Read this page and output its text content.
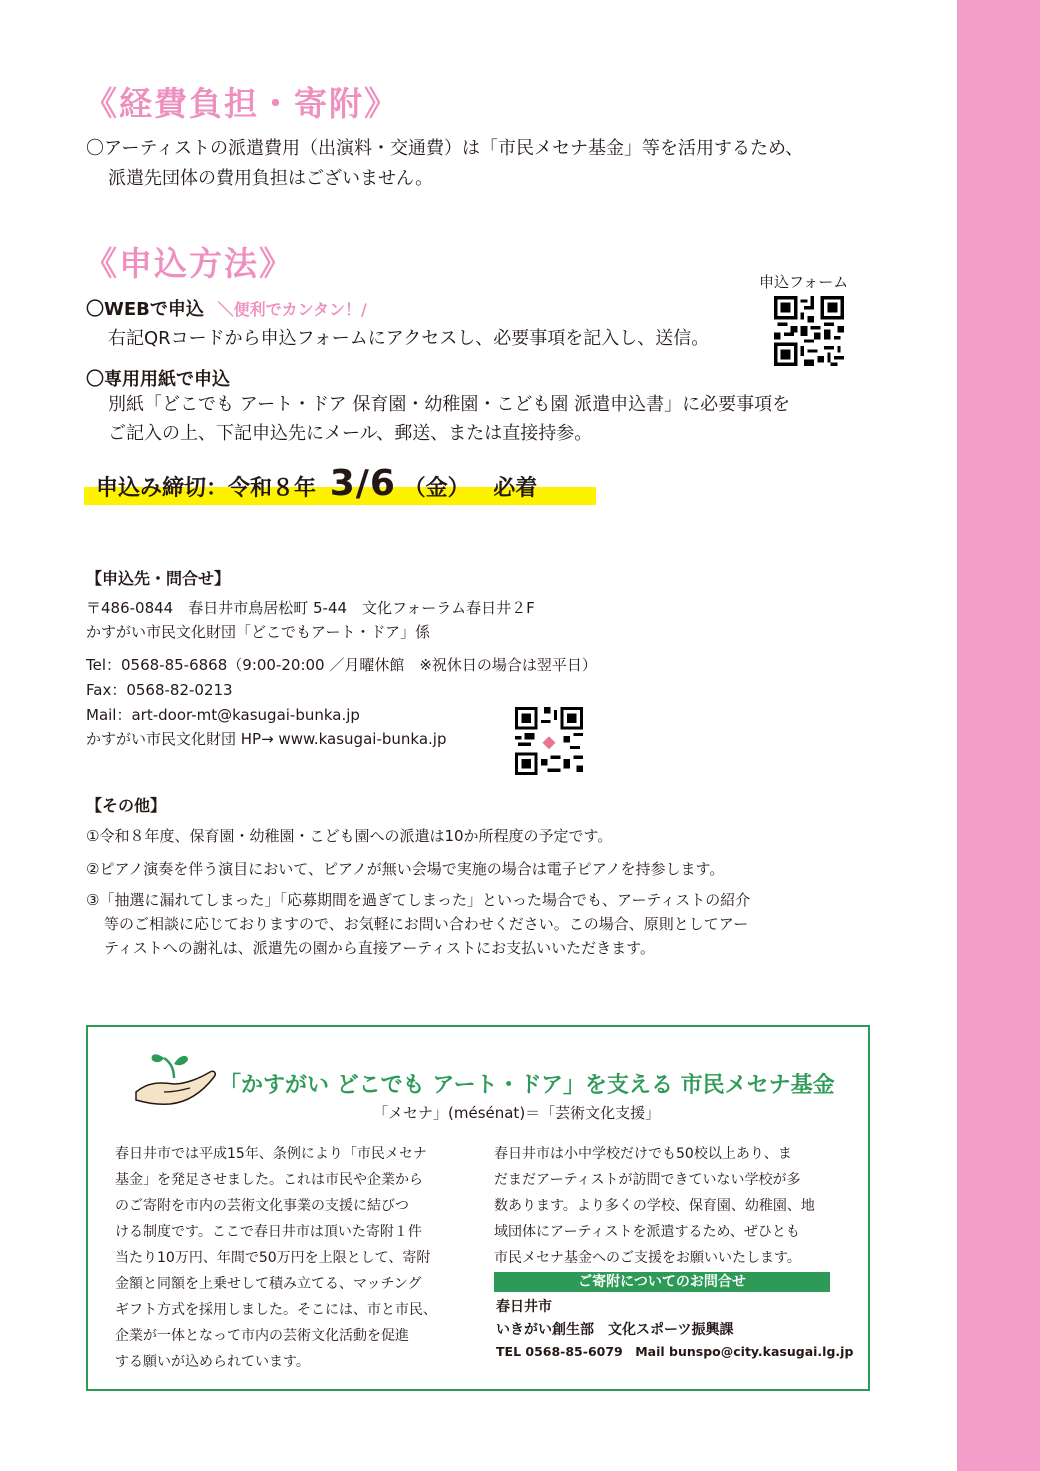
《経費負担・寄附》
〇アーティストの派遣費用（出演料・交通費）は「市民メセナ基金」等を活用するため、
派遣先団体の費用負担はございません。
《申込方法》	申込フォーム
〇WEBで申込 ＼便利でカンタン！/
右記QRコードから申込フォームにアクセスし、必要事項を記入し、送信。
〇専用用紙で申込
別紙「どこでも アート・ドア 保育園・幼稚園・こども園 派遣申込書」に必要事項を
ご記入の上、下記申込先にメール、郵送、または直接持参。
申込み締切：令和８年 3/6 （金） 必着
【申込先・問合せ】
〒486-0844　春日井市鳥居松町 5-44　文化フォーラム春日井２F
かすがい市民文化財団「どこでもアート・ドア」係
Tel：0568-85-6868（9:00-20:00 ／月曜休館　※祝休日の場合は翌平日）
Fax：0568-82-0213
Mail：art-door-mt@kasugai-bunka.jp
かすがい市民文化財団 HP→ www.kasugai-bunka.jp
【その他】
①令和８年度、保育園・幼稚園・こども園への派遣は10か所程度の予定です。
②ピアノ演奏を伴う演目において、ピアノが無い会場で実施の場合は電子ピアノを持参します。
③「抽選に漏れてしまった」「応募期間を過ぎてしまった」といった場合でも、アーティストの紹介
等のご相談に応じておりますので、お気軽にお問い合わせください。この場合、原則としてアー
ティストへの謝礼は、派遣先の園から直接アーティストにお支払いいただきます。
「かすがい どこでも アート・ドア」を支える 市民メセナ基金
「メセナ」(mésénat)＝「芸術文化支援」
春日井市では平成15年、条例により「市民メセナ
基金」を発足させました。これは市民や企業から
のご寄附を市内の芸術文化事業の支援に結びつ
ける制度です。ここで春日井市は頂いた寄附１件
当たり10万円、年間で50万円を上限として、寄附
金額と同額を上乗せして積み立てる、マッチング
ギフト方式を採用しました。そこには、市と市民、
企業が一体となって市内の芸術文化活動を促進
する願いが込められています。
春日井市は小中学校だけでも50校以上あり、ま
だまだアーティストが訪問できていない学校が多
数あります。より多くの学校、保育園、幼稚園、地
域団体にアーティストを派遣するため、ぜひとも
市民メセナ基金へのご支援をお願いいたします。
ご寄附についてのお問合せ
春日井市
いきがい創生部　文化スポーツ振興課
TEL 0568-85-6079　Mail bunspo@city.kasugai.lg.jp
